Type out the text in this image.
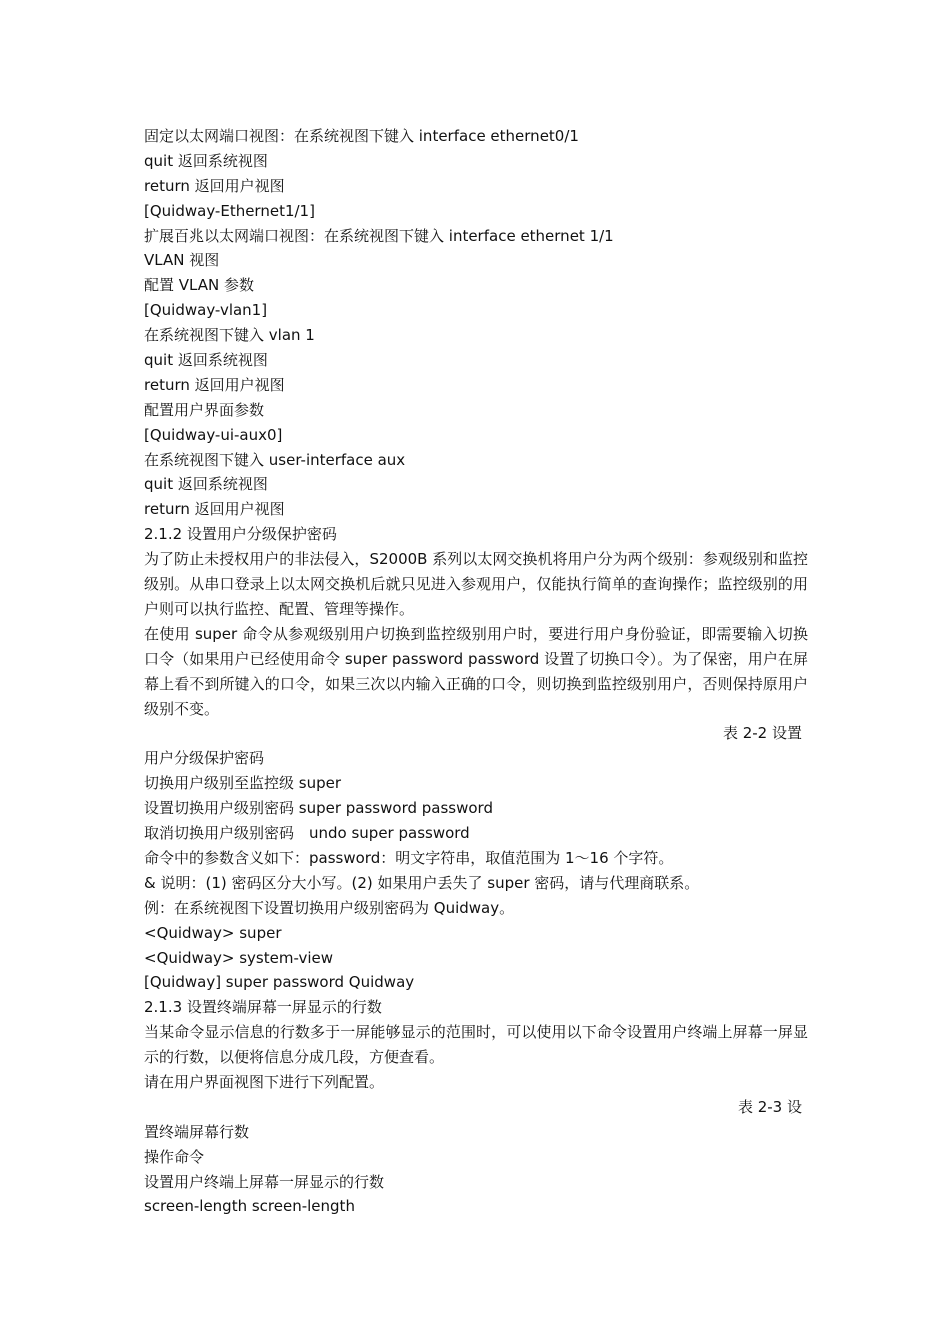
固定以太网端口视图：在系统视图下键入 interface ethernet0/1
quit 返回系统视图
return 返回用户视图
[Quidway-Ethernet1/1]
扩展百兆以太网端口视图：在系统视图下键入 interface ethernet 1/1
VLAN 视图
配置 VLAN 参数
[Quidway-vlan1]
在系统视图下键入 vlan 1
quit 返回系统视图
return 返回用户视图
配置用户界面参数
[Quidway-ui-aux0]
在系统视图下键入 user-interface aux
quit 返回系统视图
return 返回用户视图
2.1.2 设置用户分级保护密码
为了防止未授权用户的非法侵入，S2000B 系列以太网交换机将用户分为两个级别：参观级别和监控级别。从串口登录上以太网交换机后就只见进入参观用户，仅能执行简单的查询操作；监控级别的用户则可以执行监控、配置、管理等操作。
在使用 super 命令从参观级别用户切换到监控级别用户时，要进行用户身份验证，即需要输入切换口令（如果用户已经使用命令 super password password 设置了切换口令）。为了保密，用户在屏幕上看不到所键入的口令，如果三次以内输入正确的口令，则切换到监控级别用户，否则保持原用户级别不变。
表 2-2 设置
用户分级保护密码
切换用户级别至监控级 super
设置切换用户级别密码 super password password
取消切换用户级别密码　undo super password
命令中的参数含义如下：password：明文字符串，取值范围为 1～16 个字符。
& 说明：(1) 密码区分大小写。(2) 如果用户丢失了 super 密码，请与代理商联系。
例：在系统视图下设置切换用户级别密码为 Quidway。
<Quidway> super
<Quidway> system-view
[Quidway] super password Quidway
2.1.3 设置终端屏幕一屏显示的行数
当某命令显示信息的行数多于一屏能够显示的范围时，可以使用以下命令设置用户终端上屏幕一屏显示的行数，以便将信息分成几段，方便查看。
请在用户界面视图下进行下列配置。
表 2-3 设
置终端屏幕行数
操作命令
设置用户终端上屏幕一屏显示的行数
screen-length screen-length
